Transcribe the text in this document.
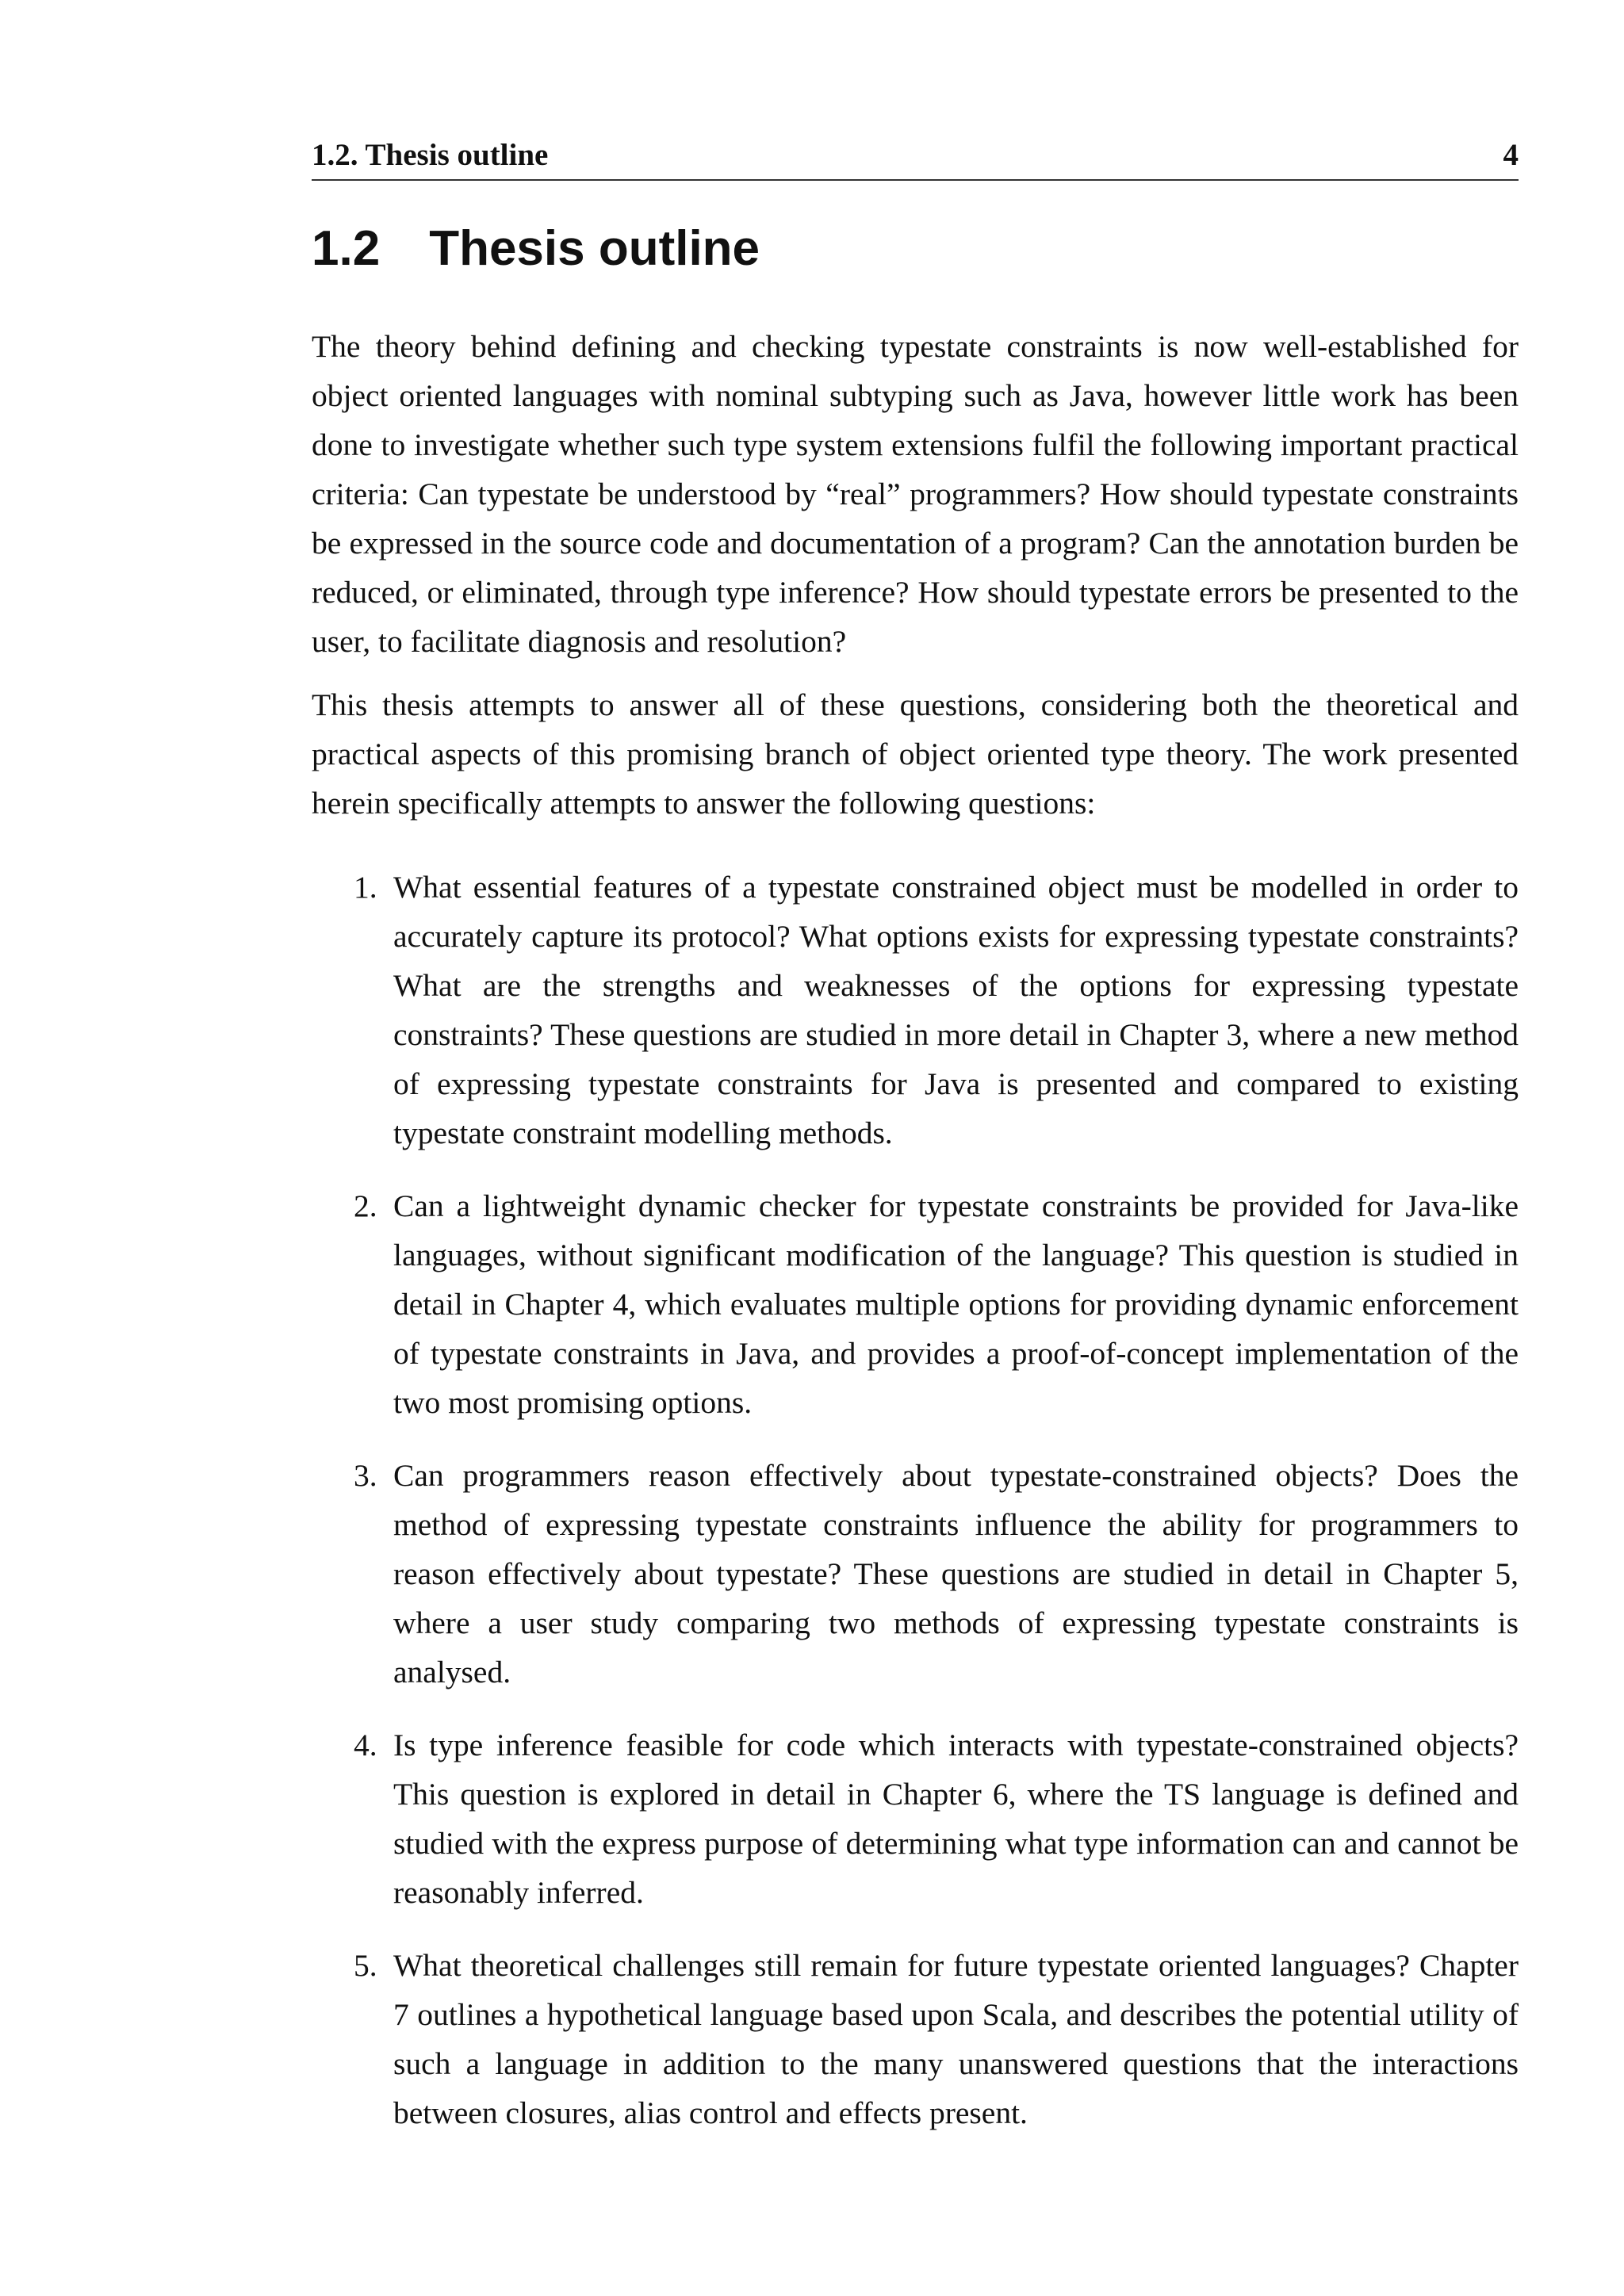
1.2. Thesis outline	4
1.2 Thesis outline

The theory behind defining and checking typestate constraints is now well-established for object oriented languages with nominal subtyping such as Java, however little work has been done to investigate whether such type system extensions fulfil the following important practical criteria: Can typestate be understood by “real” programmers? How should typestate constraints be expressed in the source code and documentation of a program? Can the annotation burden be reduced, or eliminated, through type inference? How should typestate errors be presented to the user, to facilitate diagnosis and resolution?

This thesis attempts to answer all of these questions, considering both the theoretical and practical aspects of this promising branch of object oriented type theory. The work presented herein specifically attempts to answer the following questions:

1. What essential features of a typestate constrained object must be modelled in order to accurately capture its protocol? What options exists for expressing typestate constraints? What are the strengths and weaknesses of the options for expressing typestate constraints? These questions are studied in more detail in Chapter 3, where a new method of expressing typestate constraints for Java is presented and compared to existing typestate constraint modelling methods.
2. Can a lightweight dynamic checker for typestate constraints be provided for Java-like languages, without significant modification of the language? This question is studied in detail in Chapter 4, which evaluates multiple options for providing dynamic enforcement of typestate constraints in Java, and provides a proof-of-concept implementation of the two most promising options.
3. Can programmers reason effectively about typestate-constrained objects? Does the method of expressing typestate constraints influence the ability for programmers to reason effectively about typestate? These questions are studied in detail in Chapter 5, where a user study comparing two methods of expressing typestate constraints is analysed.
4. Is type inference feasible for code which interacts with typestate-constrained objects? This question is explored in detail in Chapter 6, where the TS language is defined and studied with the express purpose of determining what type information can and cannot be reasonably inferred.
5. What theoretical challenges still remain for future typestate oriented languages? Chapter 7 outlines a hypothetical language based upon Scala, and describes the potential utility of such a language in addition to the many unanswered questions that the interactions between closures, alias control and effects present.
